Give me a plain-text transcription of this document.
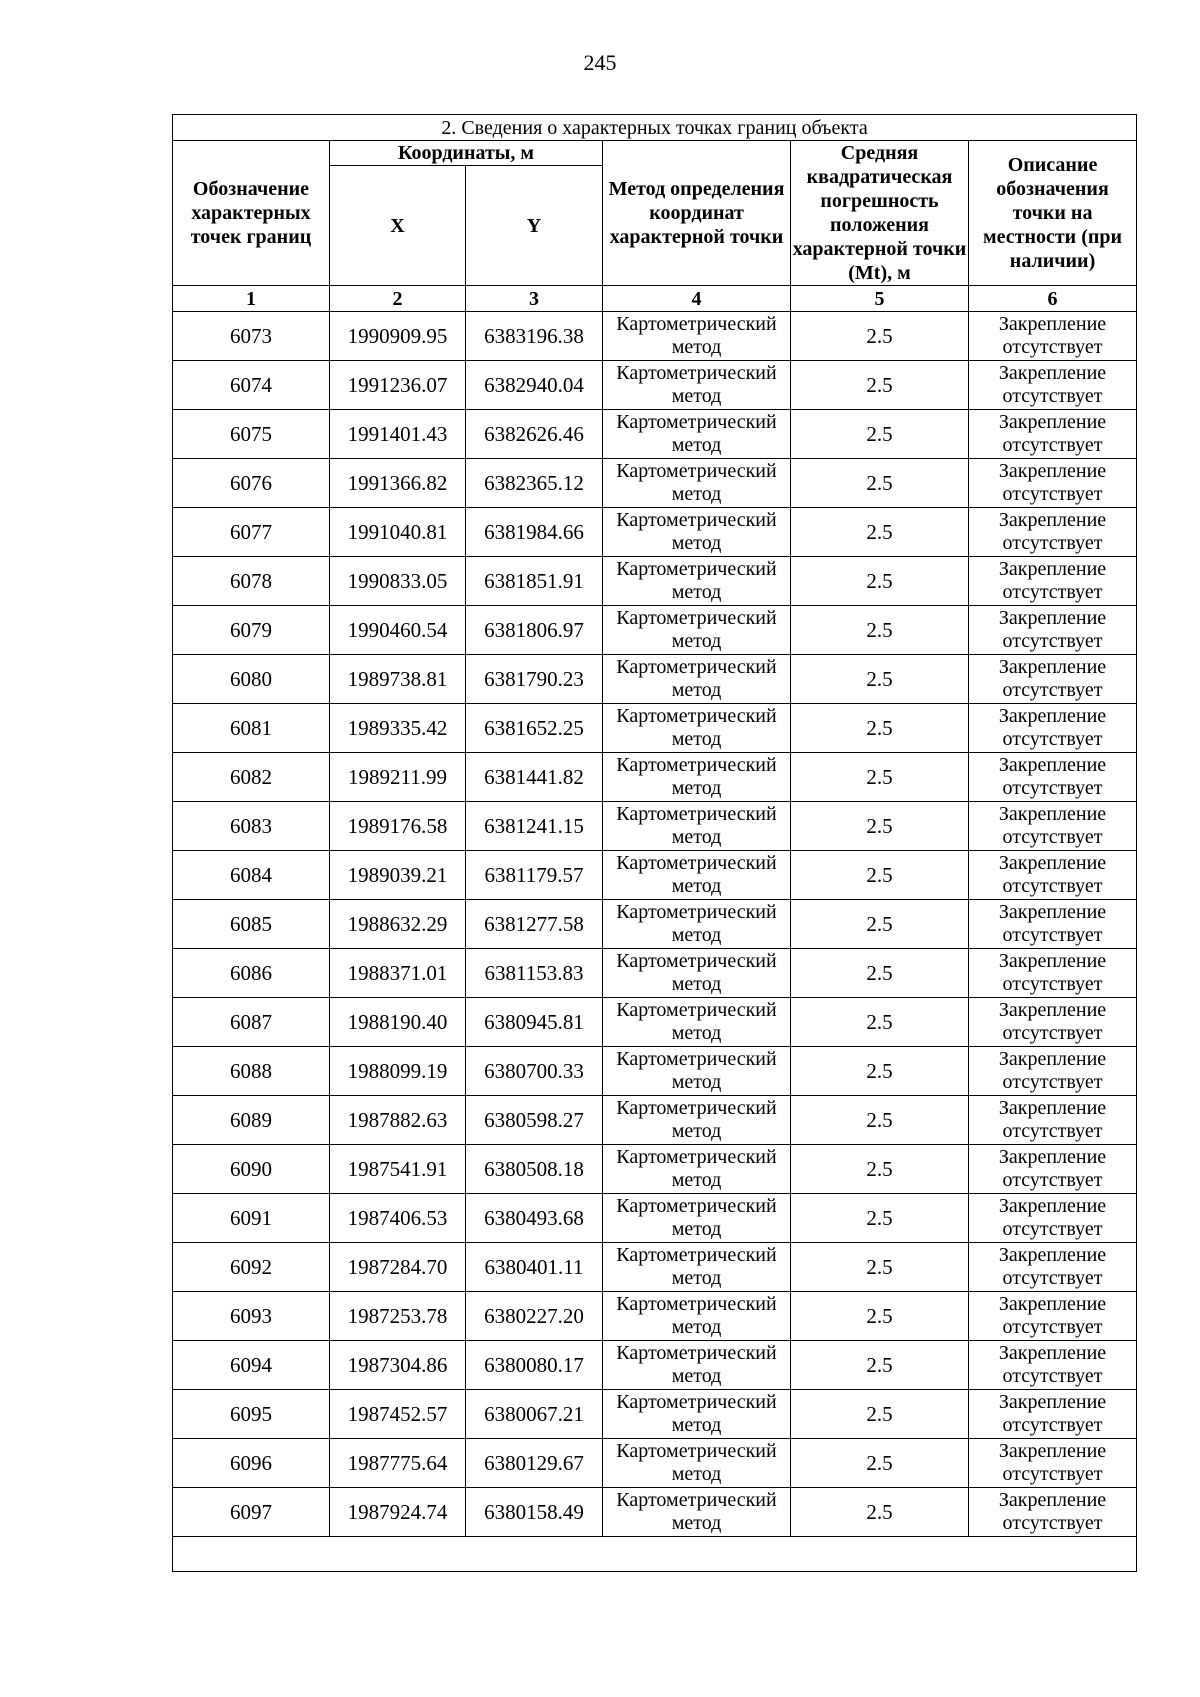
245
2. Сведения о характерных точках границ объекта					
Обозначение характерных точек границ	Координаты, м		Метод определения координат характерной точки	Средняя квадратическая погрешность положения характерной точки (Mt), м	Описание обозначения точки на местности (при наличии)
	X	Y			
1	2	3	4	5	6
6073	1990909.95	6383196.38	Картометрический метод	2.5	Закрепление отсутствует
6074	1991236.07	6382940.04	Картометрический метод	2.5	Закрепление отсутствует
6075	1991401.43	6382626.46	Картометрический метод	2.5	Закрепление отсутствует
6076	1991366.82	6382365.12	Картометрический метод	2.5	Закрепление отсутствует
6077	1991040.81	6381984.66	Картометрический метод	2.5	Закрепление отсутствует
6078	1990833.05	6381851.91	Картометрический метод	2.5	Закрепление отсутствует
6079	1990460.54	6381806.97	Картометрический метод	2.5	Закрепление отсутствует
6080	1989738.81	6381790.23	Картометрический метод	2.5	Закрепление отсутствует
6081	1989335.42	6381652.25	Картометрический метод	2.5	Закрепление отсутствует
6082	1989211.99	6381441.82	Картометрический метод	2.5	Закрепление отсутствует
6083	1989176.58	6381241.15	Картометрический метод	2.5	Закрепление отсутствует
6084	1989039.21	6381179.57	Картометрический метод	2.5	Закрепление отсутствует
6085	1988632.29	6381277.58	Картометрический метод	2.5	Закрепление отсутствует
6086	1988371.01	6381153.83	Картометрический метод	2.5	Закрепление отсутствует
6087	1988190.40	6380945.81	Картометрический метод	2.5	Закрепление отсутствует
6088	1988099.19	6380700.33	Картометрический метод	2.5	Закрепление отсутствует
6089	1987882.63	6380598.27	Картометрический метод	2.5	Закрепление отсутствует
6090	1987541.91	6380508.18	Картометрический метод	2.5	Закрепление отсутствует
6091	1987406.53	6380493.68	Картометрический метод	2.5	Закрепление отсутствует
6092	1987284.70	6380401.11	Картометрический метод	2.5	Закрепление отсутствует
6093	1987253.78	6380227.20	Картометрический метод	2.5	Закрепление отсутствует
6094	1987304.86	6380080.17	Картометрический метод	2.5	Закрепление отсутствует
6095	1987452.57	6380067.21	Картометрический метод	2.5	Закрепление отсутствует
6096	1987775.64	6380129.67	Картометрический метод	2.5	Закрепление отсутствует
6097	1987924.74	6380158.49	Картометрический метод	2.5	Закрепление отсутствует
